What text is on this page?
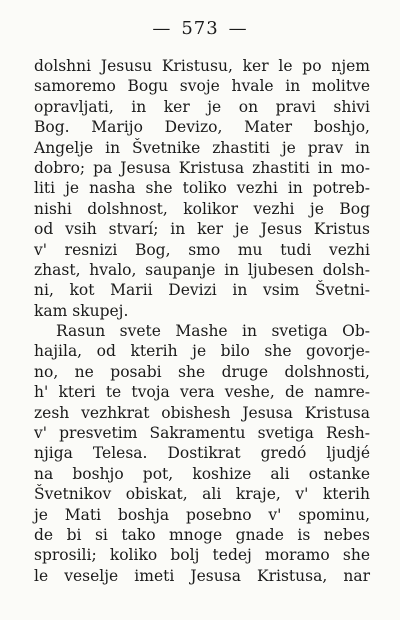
— 573 —
dolshni Jesusu Kristusu, ker le po njem
samoremo Bogu svoje hvale in molitve
opravljati, in ker je on pravi shivi
Bog. Marijo Devizo, Mater boshjo,
Angelje in Švetnike zhastiti je prav in
dobro; pa Jesusa Kristusa zhastiti in mo-
liti je nasha she toliko vezhi in potreb-
nishi dolshnost, kolikor vezhi je Bog
od vsih stvarí; in ker je Jesus Kristus
v' resnizi Bog, smo mu tudi vezhi
zhast, hvalo, saupanje in ljubesen dolsh-
ni, kot Marii Devizi in vsim Švetni-
kam skupej.
Rasun svete Mashe in svetiga Ob-
hajila, od kterih je bilo she govorje-
no, ne posabi she druge dolshnosti,
h' kteri te tvoja vera veshe, de namre-
zesh vezhkrat obishesh Jesusa Kristusa
v' presvetim Sakramentu svetiga Resh-
njiga Telesa. Dostikrat gredó ljudjé
na boshjo pot, koshize ali ostanke
Švetnikov obiskat, ali kraje, v' kterih
je Mati boshja posebno v' spominu,
de bi si tako mnoge gnade is nebes
sprosili; koliko bolj tedej moramo she
le veselje imeti Jesusa Kristusa, nar
